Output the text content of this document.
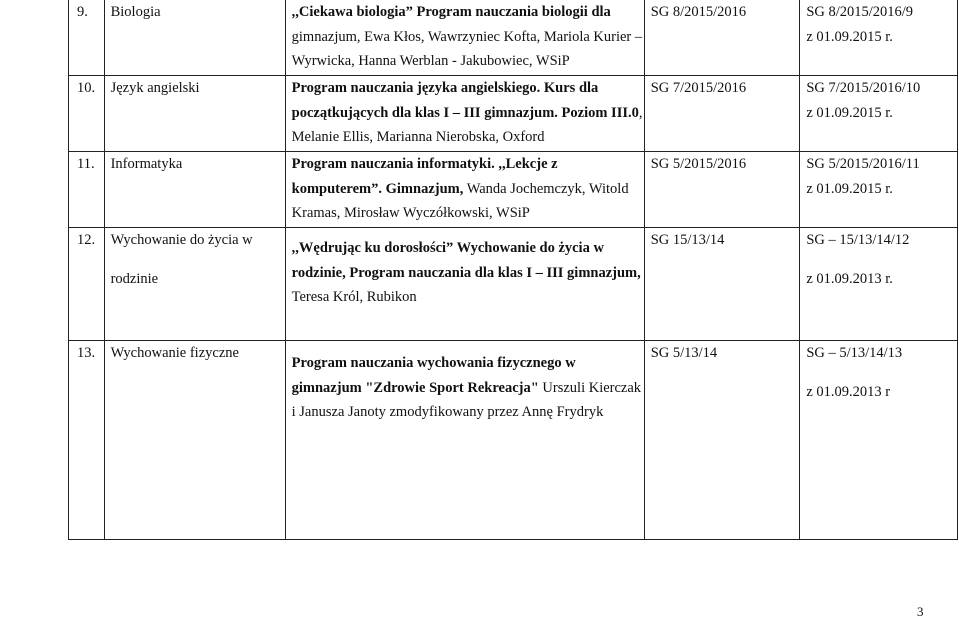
9.	Biologia	,,Ciekawa biologia” Program nauczania biologii dla gimnazjum, Ewa Kłos, Wawrzyniec Kofta, Mariola Kurier – Wyrwicka, Hanna Werblan - Jakubowiec, WSiP	SG 8/2015/2016	SG 8/2015/2016/9
z 01.09.2015 r.
10.	Język angielski	Program nauczania języka angielskiego. Kurs dla początkujących dla klas I – III gimnazjum. Poziom III.0, Melanie Ellis, Marianna Nierobska, Oxford	SG 7/2015/2016	SG 7/2015/2016/10
z 01.09.2015 r.
11.	Informatyka	Program nauczania informatyki. ,,Lekcje z komputerem”. Gimnazjum, Wanda Jochemczyk, Witold Kramas, Mirosław Wyczółkowski, WSiP	SG 5/2015/2016	SG 5/2015/2016/11
z 01.09.2015 r.
12.	Wychowanie do życia w
rodzinie	,,Wędrując ku dorosłości” Wychowanie do życia w rodzinie, Program nauczania dla klas I – III gimnazjum, Teresa Król, Rubikon	SG 15/13/14	SG – 15/13/14/12
z 01.09.2013 r.

13.	Wychowanie fizyczne	Program nauczania wychowania fizycznego w gimnazjum "Zdrowie Sport Rekreacja" Urszuli Kierczak i Janusza Janoty zmodyfikowany przez Annę Frydryk	SG 5/13/14	SG – 5/13/14/13
z 01.09.2013 r
3
